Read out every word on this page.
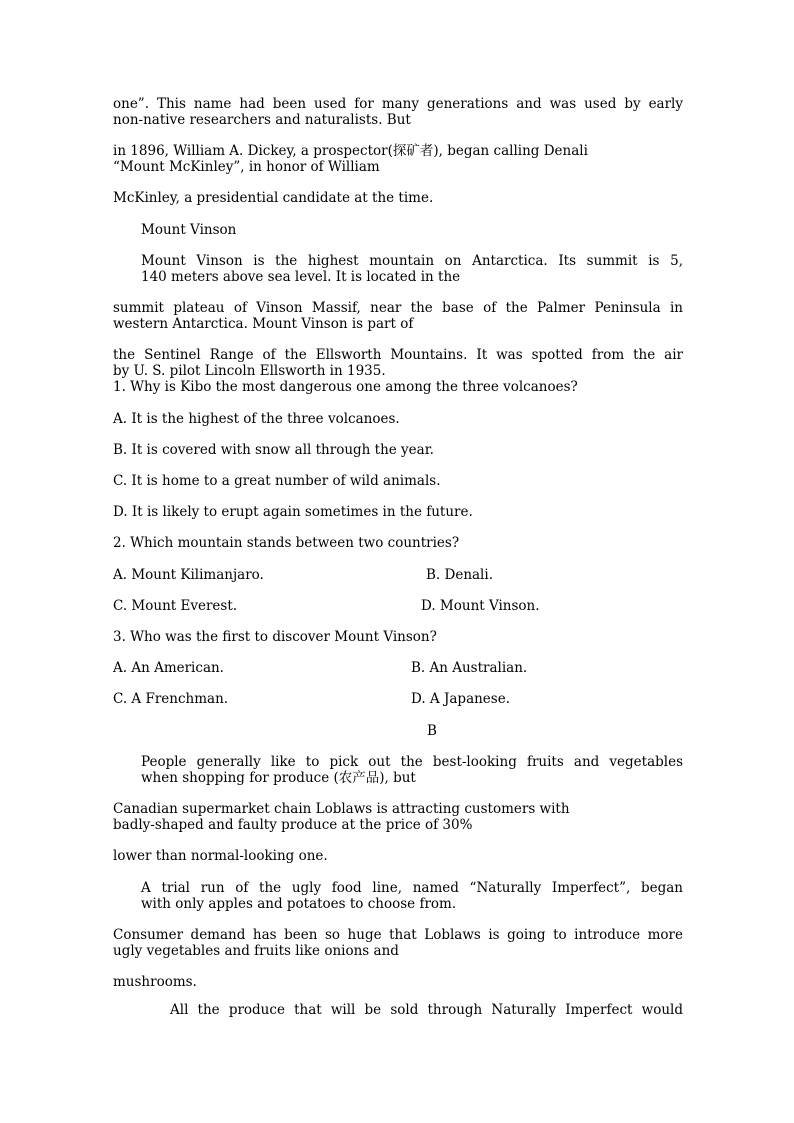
one”. This name had been used for many generations and was used by early
non-native researchers and naturalists. But
in 1896, William A. Dickey, a prospector(探矿者), began calling Denali
“Mount McKinley”, in honor of William
McKinley, a presidential candidate at the time.
Mount Vinson
Mount Vinson is the highest mountain on Antarctica. Its summit is 5,
140 meters above sea level. It is located in the
summit plateau of Vinson Massif, near the base of the Palmer Peninsula in
western Antarctica. Mount Vinson is part of
the Sentinel Range of the Ellsworth Mountains. It was spotted from the air
by U. S. pilot Lincoln Ellsworth in 1935.
1. Why is Kibo the most dangerous one among the three volcanoes?
A. It is the highest of the three volcanoes.
B. It is covered with snow all through the year.
C. It is home to a great number of wild animals.
D. It is likely to erupt again sometimes in the future.
2. Which mountain stands between two countries?
A. Mount Kilimanjaro.	B. Denali.
C. Mount Everest.	D. Mount Vinson.
3. Who was the first to discover Mount Vinson?
A. An American.	B. An Australian.
C. A Frenchman.	D. A Japanese.
B
People generally like to pick out the best-looking fruits and vegetables
when shopping for produce (农产品), but
Canadian supermarket chain Loblaws is attracting customers with
badly-shaped and faulty produce at the price of 30%
lower than normal-looking one.
A trial run of the ugly food line, named “Naturally Imperfect”, began
with only apples and potatoes to choose from.
Consumer demand has been so huge that Loblaws is going to introduce more
ugly vegetables and fruits like onions and
mushrooms.
All the produce that will be sold through Naturally Imperfect would
